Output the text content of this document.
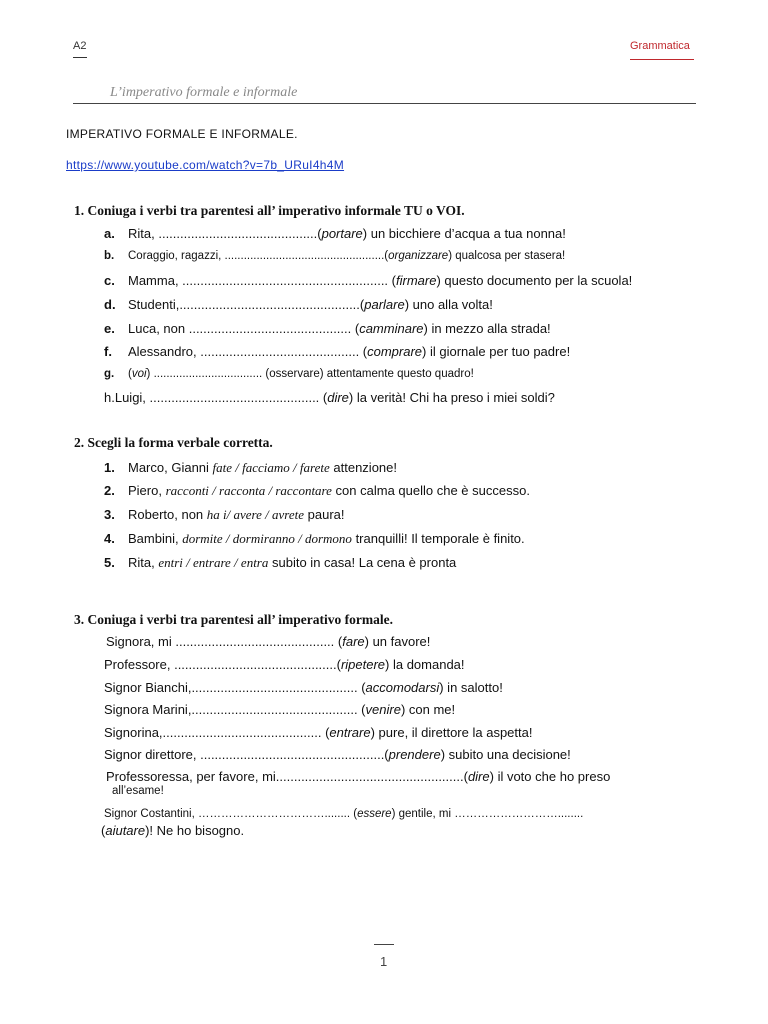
A2	Grammatica
L’imperativo formale e informale
IMPERATIVO FORMALE E INFORMALE.
https://www.youtube.com/watch?v=7b_URuI4h4M
1. Coniuga i verbi tra parentesi all’ imperativo informale TU o VOI.
a. Rita, ............................................(portare) un bicchiere d’acqua a tua nonna!
b. Coraggio, ragazzi, ..................................................(organizzare) qualcosa per stasera!
c. Mamma, ......................................................... (firmare) questo documento per la scuola!
d. Studenti,..................................................(parlare) uno alla volta!
e. Luca, non ............................................. (camminare) in mezzo alla strada!
f. Alessandro, ............................................ (comprare) il giornale per tuo padre!
g. (voi) .................................. (osservare) attentamente questo quadro!
h.Luigi, ............................................... (dire) la verità! Chi ha preso i miei soldi?
2. Scegli la forma verbale corretta.
1. Marco, Gianni fate / facciamo / farete attenzione!
2. Piero, racconti / racconta / raccontare con calma quello che è successo.
3. Roberto, non ha i/ avere / avrete paura!
4. Bambini, dormite / dormiranno / dormono tranquilli! Il temporale è finito.
5. Rita, entri / entrare / entra subito in casa! La cena è pronta
3. Coniuga i verbi tra parentesi all’ imperativo formale.
Signora, mi ............................................ (fare) un favore!
Professore, .............................................(ripetere) la domanda!
Signor Bianchi,.............................................. (accomodarsi) in salotto!
Signora Marini,.............................................. (venire) con me!
Signorina,............................................ (entrare) pure, il direttore la aspetta!
Signor direttore, ...................................................(prendere) subito una decisione!
Professoressa, per favore, mi....................................................(dire) il voto che ho preso
all’esame!
Signor Costantini, ……………………………........ (essere) gentile, mi ………………………........
(aiutare)! Ne ho bisogno.
1
